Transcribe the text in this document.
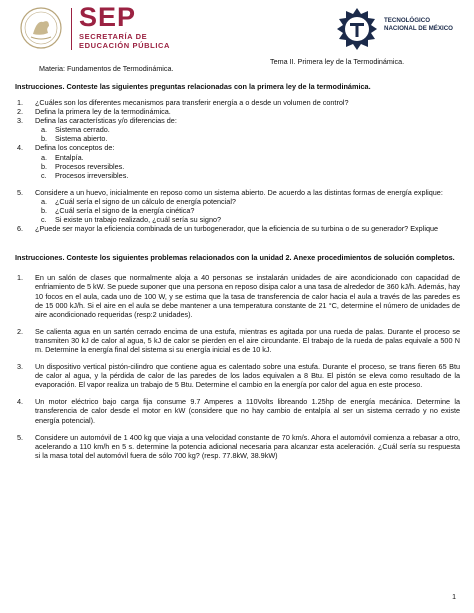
SEP
SECRETARÍA DE
EDUCACIÓN PÚBLICA
TECNOLÓGICO
NACIONAL DE MÉXICO
Materia: Fundamentos de Termodinámica.
Tema II. Primera ley de la Termodinámica.
Instrucciones. Conteste las siguientes preguntas relacionadas con la primera ley de la termodinámica.
1.	¿Cuáles son los diferentes mecanismos para transferir energía a o desde un volumen de control?
2.	Defina la primera ley de la termodinámica.
3.	Defina las características y/o diferencias de:
a.	Sistema cerrado.
b.	Sistema abierto.
4.	Defina los conceptos de:
a.	Entalpía.
b.	Procesos reversibles.
c.	Procesos irreversibles.
5.	Considere a un huevo, inicialmente en reposo como un sistema abierto. De acuerdo a las distintas formas de energía explique:
a.	¿Cuál sería el signo de un cálculo de energía potencial?
b.	¿Cuál sería el signo de la energía cinética?
c.	Si existe un trabajo realizado, ¿cuál sería su signo?
6.	¿Puede ser mayor la eficiencia combinada de un turbogenerador, que la eficiencia de su turbina o de su generador? Explique
Instrucciones. Conteste los siguientes problemas relacionados con la unidad 2. Anexe procedimientos de solución completos.
1.	En un salón de clases que normalmente aloja a 40 personas se instalarán unidades de aire acondicionado con capacidad de enfriamiento de 5 kW. Se puede suponer que una persona en reposo disipa calor a una tasa de alrededor de 360 kJ/h. Además, hay 10 focos en el aula, cada uno de 100 W, y se estima que la tasa de transferencia de calor hacia el aula a través de las paredes es de 15 000 kJ/h. Si el aire en el aula se debe mantener a una temperatura constante de 21 °C, determine el número de unidades de aire acondicionado requeridas (resp:2 unidades).
2.	Se calienta agua en un sartén cerrado encima de una estufa, mientras es agitada por una rueda de palas. Durante el proceso se transmiten 30 kJ de calor al agua, 5 kJ de calor se pierden en el aire circundante. El trabajo de la rueda de palas equivale a 500 N m. Determine la energía final del sistema si su energía inicial es de 10 kJ.
3.	Un dispositivo vertical pistón-cilindro que contiene agua es calentado sobre una estufa. Durante el proceso, se trans fieren 65 Btu de calor al agua, y la pérdida de calor de las paredes de los lados equivalen a 8 Btu. El pistón se eleva como resultado de la evaporación. El vapor realiza un trabajo de 5 Btu. Determine el cambio en la energía por calor del agua en este proceso.
4.	Un motor eléctrico bajo carga fija consume 9.7 Amperes a 110Volts libreando 1.25hp de energía mecánica. Determine la transferencia de calor desde el motor en kW (considere que no hay cambio de entalpía al ser un sistema cerrado y no existe energía potencial).
5.	Considere un automóvil de 1 400 kg que viaja a una velocidad constante de 70 km/s. Ahora el automóvil comienza a rebasar a otro, acelerando a 110 km/h en 5 s. determine la potencia adicional necesaria para alcanzar esta aceleración. ¿Cuál sería su respuesta si la masa total del automóvil fuera de sólo 700 kg? (resp. 77.8kW, 38.9kW)
1
